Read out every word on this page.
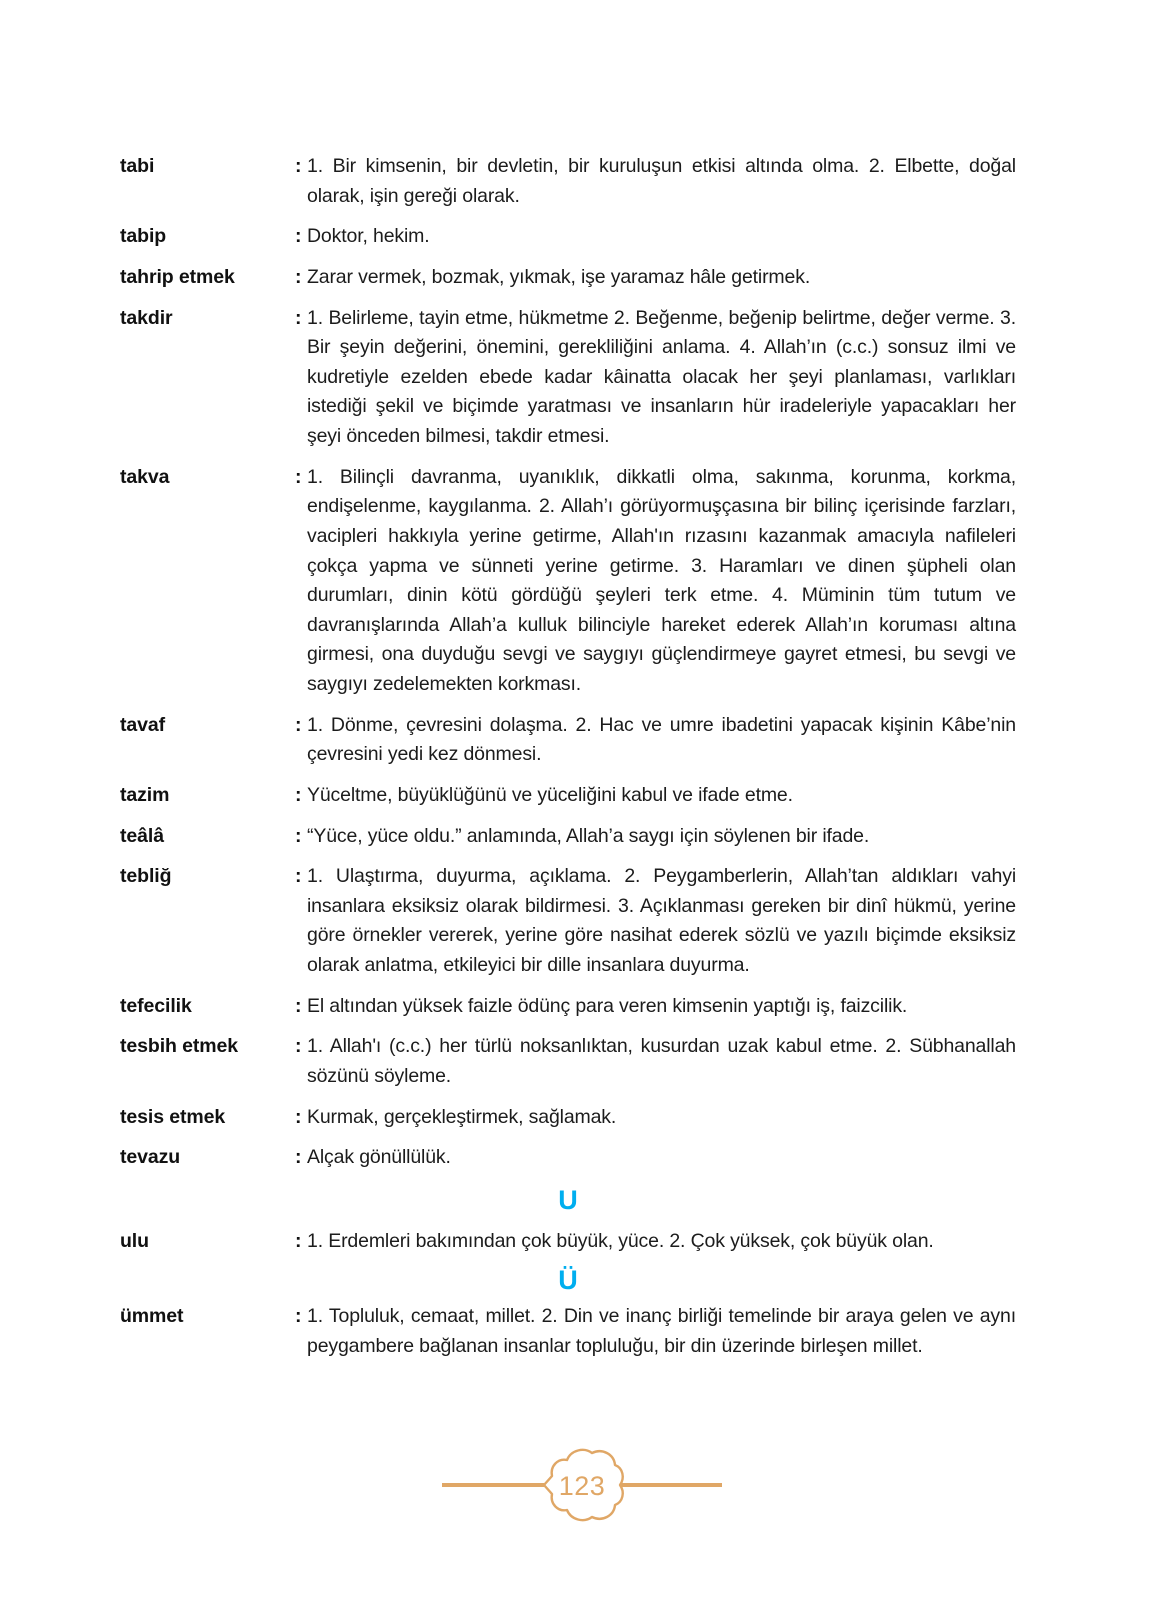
tabi	: 1. Bir kimsenin, bir devletin, bir kuruluşun etkisi altında olma. 2. Elbette, doğal olarak, işin gereği olarak.
tabip	: Doktor, hekim.
tahrip etmek	: Zarar vermek, bozmak, yıkmak, işe yaramaz hâle getirmek.
takdir	: 1. Belirleme, tayin etme, hükmetme 2. Beğenme, beğenip belirtme, değer verme. 3. Bir şeyin değerini, önemini, gerekliliğini anlama. 4. Allah’ın (c.c.) sonsuz ilmi ve kudretiyle ezelden ebede kadar kâinatta olacak her şeyi planlaması, varlıkları istediği şekil ve biçimde yaratması ve insanların hür iradeleriyle yapacakları her şeyi önceden bilmesi, takdir etmesi.
takva	: 1. Bilinçli davranma, uyanıklık, dikkatli olma, sakınma, korunma, korkma, endişelenme, kaygılanma. 2. Allah’ı görüyormuşçasına bir bilinç içerisinde farzları, vacipleri hakkıyla yerine getirme, Allah'ın rızasını kazanmak amacıyla nafileleri çokça yapma ve sünneti yerine getirme. 3. Haramları ve dinen şüpheli olan durumları, dinin kötü gördüğü şeyleri terk etme. 4. Müminin tüm tutum ve davranışlarında Allah’a kulluk bilinciyle hareket ederek Allah’ın koruması altına girmesi, ona duyduğu sevgi ve saygıyı güçlendirmeye gayret etmesi, bu sevgi ve saygıyı zedelemekten korkması.
tavaf	: 1. Dönme, çevresini dolaşma. 2. Hac ve umre ibadetini yapacak kişinin Kâbe’nin çevresini yedi kez dönmesi.
tazim	: Yüceltme, büyüklüğünü ve yüceliğini kabul ve ifade etme.
teâlâ	: “Yüce, yüce oldu.” anlamında, Allah’a saygı için söylenen bir ifade.
tebliğ	: 1. Ulaştırma, duyurma, açıklama. 2. Peygamberlerin, Allah’tan aldıkları vahyi insanlara eksiksiz olarak bildirmesi. 3. Açıklanması gereken bir dinî hükmü, yerine göre örnekler vererek, yerine göre nasihat ederek sözlü ve yazılı biçimde eksiksiz olarak anlatma, etkileyici bir dille insanlara duyurma.
tefecilik	: El altından yüksek faizle ödünç para veren kimsenin yaptığı iş, faizcilik.
tesbih etmek	: 1. Allah'ı (c.c.) her türlü noksanlıktan, kusurdan uzak kabul etme. 2. Sübhanallah sözünü söyleme.
tesis etmek	: Kurmak, gerçekleştirmek, sağlamak.
tevazu	: Alçak gönüllülük.
U
ulu	: 1. Erdemleri bakımından çok büyük, yüce. 2. Çok yüksek, çok büyük olan.
Ü
ümmet	: 1. Topluluk, cemaat, millet. 2. Din ve inanç birliği temelinde bir araya gelen ve aynı peygambere bağlanan insanlar topluluğu, bir din üzerinde birleşen millet.
123
